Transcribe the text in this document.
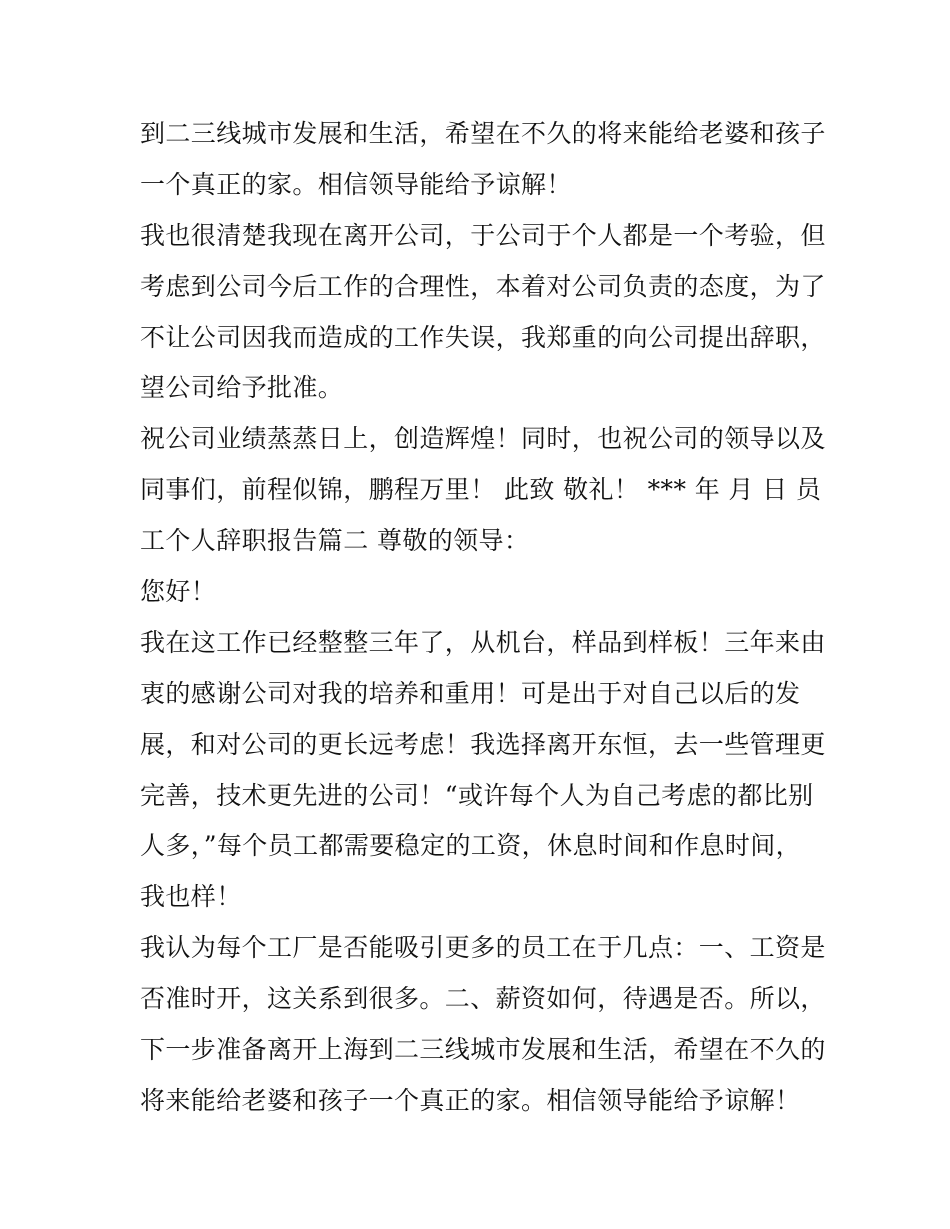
到二三线城市发展和生活，希望在不久的将来能给老婆和孩子
一个真正的家。相信领导能给予谅解！
我也很清楚我现在离开公司，于公司于个人都是一个考验，但
考虑到公司今后工作的合理性，本着对公司负责的态度，为了
不让公司因我而造成的工作失误，我郑重的向公司提出辞职，
望公司给予批准。
祝公司业绩蒸蒸日上，创造辉煌！同时，也祝公司的领导以及
同事们，前程似锦，鹏程万里！ 此致 敬礼！ *** 年 月 日 员
工个人辞职报告篇二 尊敬的领导：
您好！
我在这工作已经整整三年了，从机台，样品到样板！三年来由
衷的感谢公司对我的培养和重用！可是出于对自己以后的发
展，和对公司的更长远考虑！我选择离开东恒，去一些管理更
完善，技术更先进的公司！“或许每个人为自己考虑的都比别
人多，”每个员工都需要稳定的工资，休息时间和作息时间，
我也样！
我认为每个工厂是否能吸引更多的员工在于几点：一、工资是
否准时开，这关系到很多。二、薪资如何，待遇是否。所以，
下一步准备离开上海到二三线城市发展和生活，希望在不久的
将来能给老婆和孩子一个真正的家。相信领导能给予谅解！
